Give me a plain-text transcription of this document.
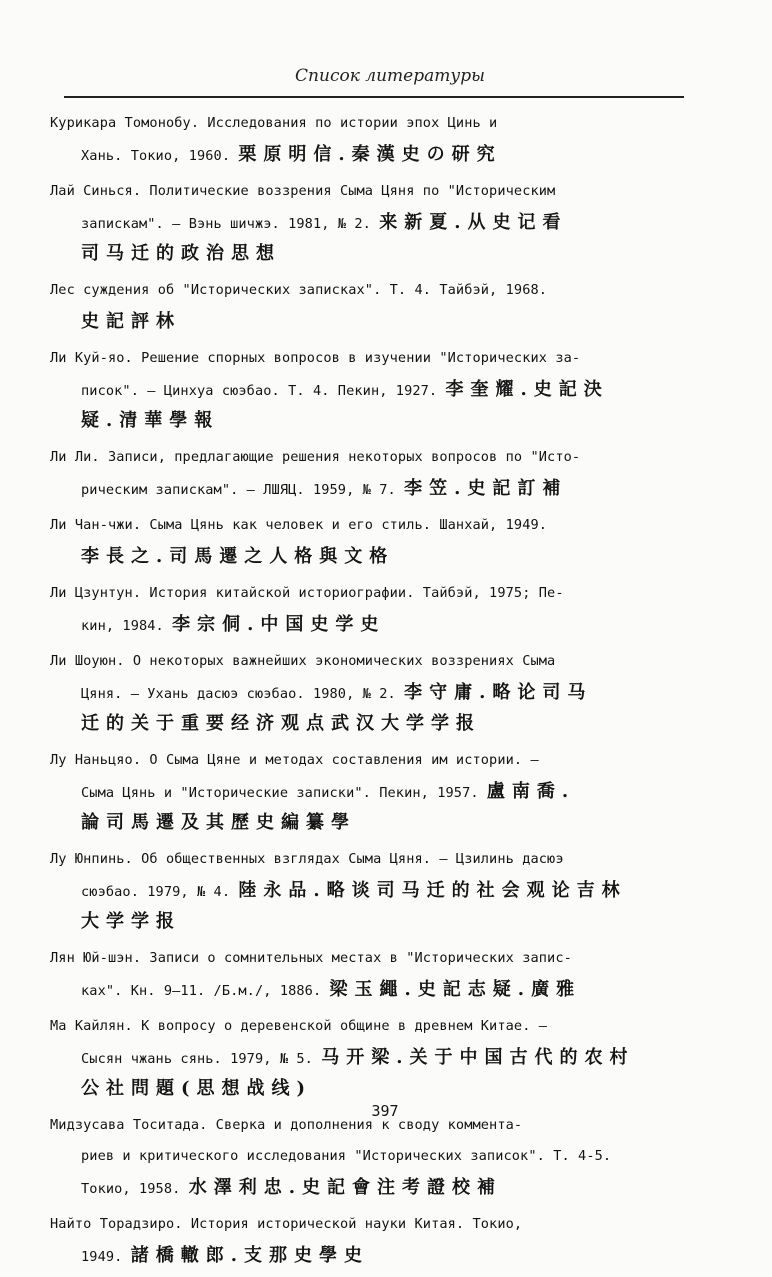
Список литературы
Курикара Томонобу. Исследования по истории эпох Цинь и
Хань. Токио, 1960. 栗原明信.秦漢史の研究
Лай Синься. Политические воззрения Сыма Цяня по "Историческим
запискам". — Вэнь шичжэ. 1981, № 2. 来新夏.从史记看
司马迁的政治思想
Лес суждения об "Исторических записках". Т. 4. Тайбэй, 1968.
史記評林
Ли Куй-яо. Решение спорных вопросов в изучении "Исторических за-
писок". — Цинхуа сюэбао. Т. 4. Пекин, 1927. 李奎耀.史記決
疑.清華學報
Ли Ли. Записи, предлагающие решения некоторых вопросов по "Исто-
рическим запискам". — ЛШЯЦ. 1959, № 7. 李笠.史記訂補
Ли Чан-чжи. Сыма Цянь как человек и его стиль. Шанхай, 1949.
李長之.司馬遷之人格與文格
Ли Цзунтун. История китайской историографии. Тайбэй, 1975; Пе-
кин, 1984. 李宗侗.中国史学史
Ли Шоуюн. О некоторых важнейших экономических воззрениях Сыма
Цяня. — Ухань дасюэ сюэбао. 1980, № 2. 李守庸.略论司马
迁的关于重要经济观点武汉大学学报
Лу Наньцяо. О Сыма Цяне и методах составления им истории. —
Сыма Цянь и "Исторические записки". Пекин, 1957. 盧南喬.
論司馬遷及其歷史編纂學
Лу Юнпинь. Об общественных взглядах Сыма Цяня. — Цзилинь дасюэ
сюэбао. 1979, № 4. 陸永品.略谈司马迁的社会观论吉林
大学学报
Лян Юй-шэн. Записи о сомнительных местах в "Исторических запис-
ках". Кн. 9–11. /Б.м./, 1886. 梁玉繩.史記志疑.廣雅
Ма Кайлян. К вопросу о деревенской общине в древнем Китае. —
Сысян чжань сянь. 1979, № 5. 马开梁.关于中国古代的农村
公社問題(思想战线)
Мидзусава Тоситада. Сверка и дополнения к своду коммента-
риев и критического исследования "Исторических записок". Т. 4-5.
Токио, 1958. 水澤利忠.史記會注考證校補
Найто Торадзиро. История исторической науки Китая. Токио,
1949. 諸橋轍郎.支那史學史
397
